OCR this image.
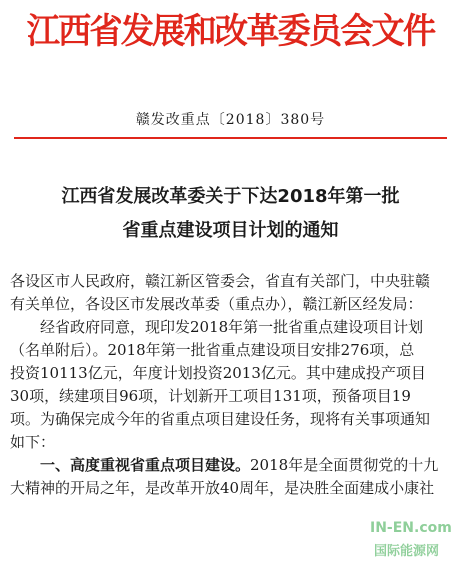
江西省发展和改革委员会文件
赣发改重点〔2018〕380号
江西省发展改革委关于下达2018年第一批
省重点建设项目计划的通知
各设区市人民政府，赣江新区管委会，省直有关部门，中央驻赣
有关单位，各设区市发展改革委（重点办），赣江新区经发局：
经省政府同意，现印发2018年第一批省重点建设项目计划
（名单附后）。2018年第一批省重点建设项目安排276项，总
投资10113亿元，年度计划投资2013亿元。其中建成投产项目
30项，续建项目96项，计划新开工项目131项，预备项目19
项。为确保完成今年的省重点项目建设任务，现将有关事项通知
如下：
一、高度重视省重点项目建设。2018年是全面贯彻党的十九
大精神的开局之年，是改革开放40周年，是决胜全面建成小康社
IN-EN.com
国际能源网
